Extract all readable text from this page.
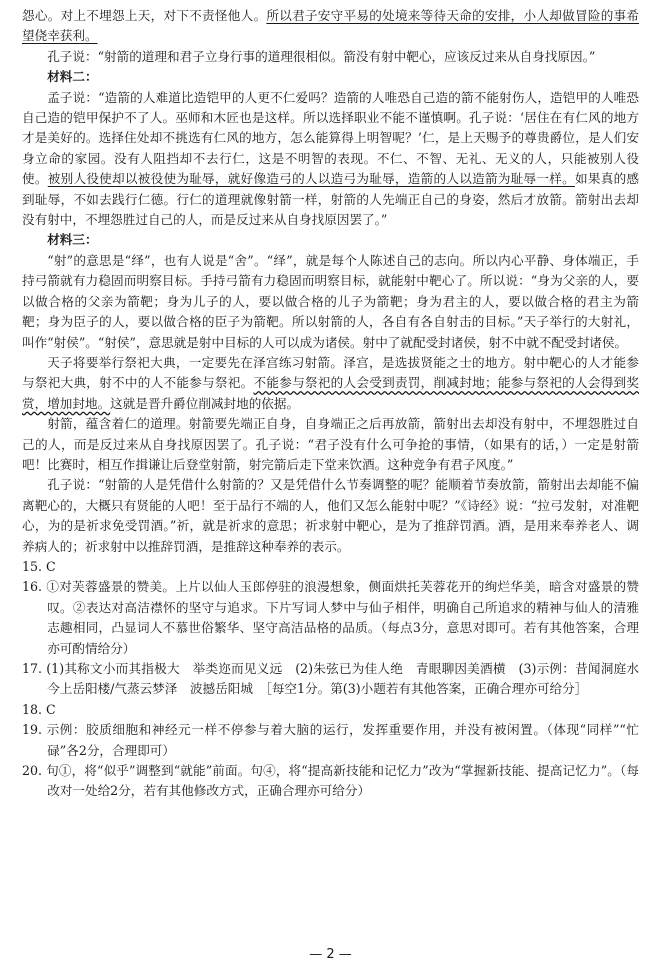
怨心。对上不埋怨上天，对下不责怪他人。所以君子安守平易的处境来等待天命的安排，小人却做冒险的事希望侥幸获利。

孔子说：“射箭的道理和君子立身行事的道理很相似。箭没有射中靶心，应该反过来从自身找原因。”

材料二：

孟子说：“造箭的人难道比造铠甲的人更不仁爱吗？造箭的人唯恐自己造的箭不能射伤人，造铠甲的人唯恐自己造的铠甲保护不了人。巫师和木匠也是这样。所以选择职业不能不谨慎啊。孔子说：‘居住在有仁风的地方才是美好的。选择住处却不挑选有仁风的地方，怎么能算得上明智呢？’仁，是上天赐予的尊贵爵位，是人们安身立命的家园。没有人阻挡却不去行仁，这是不明智的表现。不仁、不智、无礼、无义的人，只能被别人役使。被别人役使却以被役使为耻辱，就好像造弓的人以造弓为耻辱，造箭的人以造箭为耻辱一样。如果真的感到耻辱，不如去践行仁德。行仁的道理就像射箭一样，射箭的人先端正自己的身姿，然后才放箭。箭射出去却没有射中，不埋怨胜过自己的人，而是反过来从自身找原因罢了。”

材料三：

“射”的意思是“绎”，也有人说是“舍”。“绎”，就是每个人陈述自己的志向。所以内心平静、身体端正，手持弓箭就有力稳固而明察目标。手持弓箭有力稳固而明察目标，就能射中靶心了。所以说：“身为父亲的人，要以做合格的父亲为箭靶；身为儿子的人，要以做合格的儿子为箭靶；身为君主的人，要以做合格的君主为箭靶；身为臣子的人，要以做合格的臣子为箭靶。所以射箭的人，各自有各自射击的目标。”天子举行的大射礼，叫作“射侯”。“射侯”，意思就是射中目标的人可以成为诸侯。射中了就配受封诸侯，射不中就不配受封诸侯。

天子将要举行祭祀大典，一定要先在泽宫练习射箭。泽宫，是选拔贤能之士的地方。射中靶心的人才能参与祭祀大典，射不中的人不能参与祭祀。不能参与祭祀的人会受到责罚，削减封地；能参与祭祀的人会得到奖赏，增加封地。这就是晋升爵位削减封地的依据。

射箭，蕴含着仁的道理。射箭要先端正自身，自身端正之后再放箭，箭射出去却没有射中，不埋怨胜过自己的人，而是反过来从自身找原因罢了。孔子说：“君子没有什么可争抢的事情，（如果有的话，）一定是射箭吧！比赛时，相互作揖谦让后登堂射箭，射完箭后走下堂来饮酒。这种竞争有君子风度。”

孔子说：“射箭的人是凭借什么射箭的？又是凭借什么节奏调整的呢？能顺着节奏放箭，箭射出去却能不偏离靶心的，大概只有贤能的人吧！至于品行不端的人，他们又怎么能射中呢？”《诗经》说：“拉弓发射，对准靶心，为的是祈求免受罚酒。”祈，就是祈求的意思；祈求射中靶心，是为了推辞罚酒。酒，是用来奉养老人、调养病人的；祈求射中以推辞罚酒，是推辞这种奉养的表示。

15. C

16. ①对芙蓉盛景的赞美。上片以仙人玉郎停驻的浪漫想象，侧面烘托芙蓉花开的绚烂华美，暗含对盛景的赞叹。②表达对高洁襟怀的坚守与追求。下片写词人梦中与仙子相伴，明确自己所追求的精神与仙人的清雅志趣相同，凸显词人不慕世俗繁华、坚守高洁品格的品质。（每点3分，意思对即可。若有其他答案，合理亦可酌情给分）

17. (1)其称文小而其指极大　举类迩而见义远　(2)朱弦已为佳人绝　青眼聊因美酒横　(3)示例：昔闻洞庭水　今上岳阳楼/气蒸云梦泽　波撼岳阳城　［每空1分。第(3)小题若有其他答案，正确合理亦可给分］

18. C

19. 示例：胶质细胞和神经元一样不停参与着大脑的运行，发挥重要作用，并没有被闲置。（体现“同样”“忙碌”各2分，合理即可）

20. 句①，将“似乎”调整到“就能”前面。句④，将“提高新技能和记忆力”改为“掌握新技能、提高记忆力”。（每改对一处给2分，若有其他修改方式，正确合理亦可给分）

— 2 —
